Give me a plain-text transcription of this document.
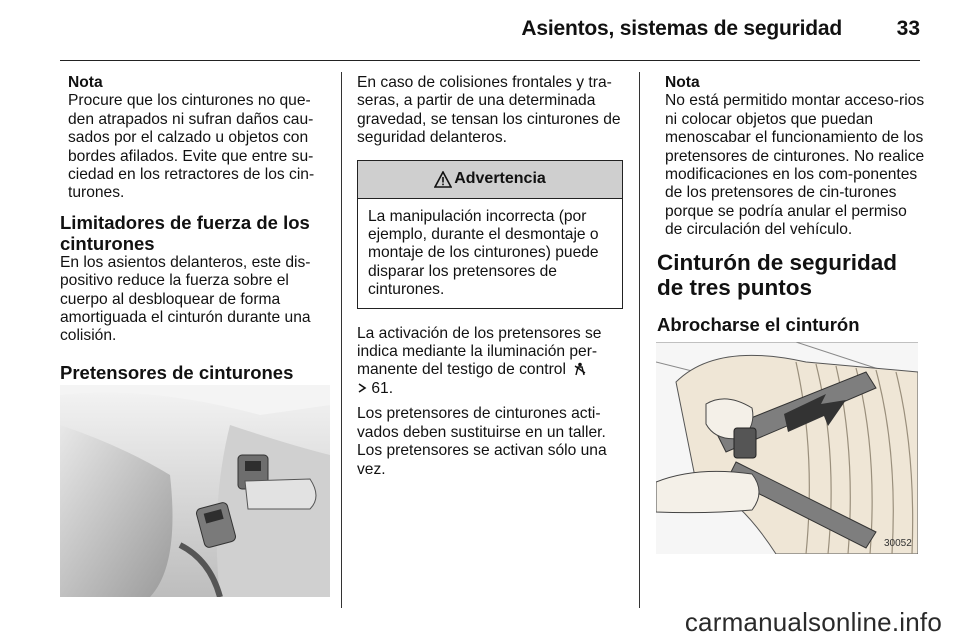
Asientos, sistemas de seguridad	33
Nota

Procure que los cinturones no que-den atrapados ni sufran daños cau-sados por el calzado u objetos con bordes afilados. Evite que entre su-ciedad en los retractores de los cin-turones.

Limitadores de fuerza de los cinturones

En los asientos delanteros, este dis-positivo reduce la fuerza sobre el cuerpo al desbloquear de forma amortiguada el cinturón durante una colisión.

Pretensores de cinturones

En caso de colisiones frontales y tra-seras, a partir de una determinada gravedad, se tensan los cinturones de seguridad delanteros.

Advertencia
La manipulación incorrecta (por ejemplo, durante el desmontaje o montaje de los cinturones) puede disparar los pretensores de cinturones.

La activación de los pretensores se indica mediante la iluminación per-manente del testigo de control
61.

Los pretensores de cinturones acti-vados deben sustituirse en un taller. Los pretensores se activan sólo una vez.

Nota

No está permitido montar acceso-rios ni colocar objetos que puedan menoscabar el funcionamiento de los pretensores de cinturones. No realice modificaciones en los com-ponentes de los pretensores de cin-turones porque se podría anular el permiso de circulación del vehículo.

Cinturón de seguridad de tres puntos
Abrocharse el cinturón
30052
carmanualsonline.info
